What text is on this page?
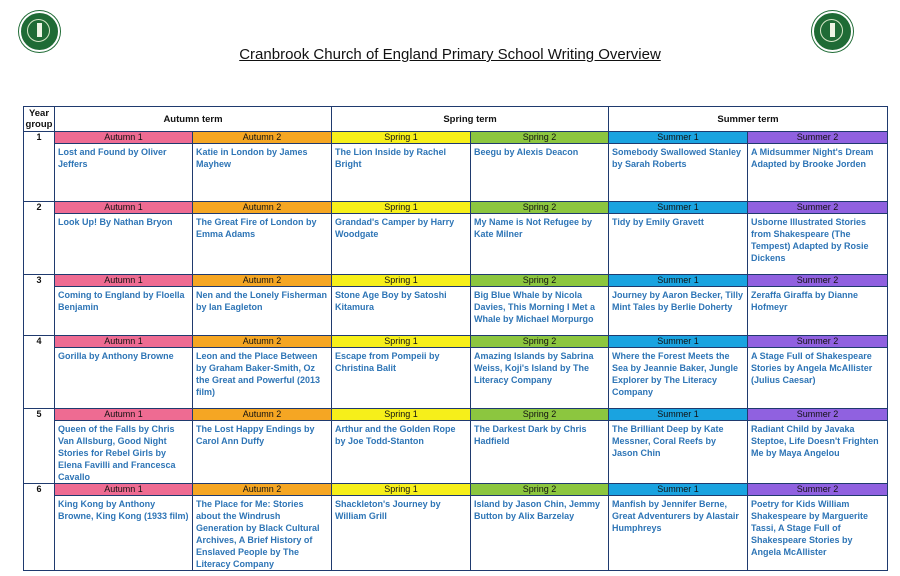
Cranbrook Church of England Primary School Writing Overview
Year group	Autumn term		Spring term		Summer term	
1	Autumn 1	Autumn 2	Spring 1	Spring 2	Summer 1	Summer 2
	Lost and Found by Oliver Jeffers	Katie in London by James Mayhew	The Lion Inside by Rachel Bright	Beegu by Alexis Deacon	Somebody Swallowed Stanley by Sarah Roberts	A Midsummer Night's Dream Adapted by Brooke Jorden
2	Autumn 1	Autumn 2	Spring 1	Spring 2	Summer 1	Summer 2
	Look Up! By Nathan Bryon	The Great Fire of London by Emma Adams	Grandad's Camper by Harry Woodgate	My Name is Not Refugee by Kate Milner	Tidy by Emily Gravett	Usborne Illustrated Stories from Shakespeare (The Tempest) Adapted by Rosie Dickens
3	Autumn 1	Autumn 2	Spring 1	Spring 2	Summer 1	Summer 2
	Coming to England by Floella Benjamin	Nen and the Lonely Fisherman by Ian Eagleton	Stone Age Boy by Satoshi Kitamura	Big Blue Whale by Nicola Davies, This Morning I Met a Whale by Michael Morpurgo	Journey by Aaron Becker, Tilly Mint Tales by Berlie Doherty	Zeraffa Giraffa by Dianne Hofmeyr
4	Autumn 1	Autumn 2	Spring 1	Spring 2	Summer 1	Summer 2
	Gorilla by Anthony Browne	Leon and the Place Between by Graham Baker-Smith, Oz the Great and Powerful (2013 film)	Escape from Pompeii by Christina Balit	Amazing Islands by Sabrina Weiss, Koji's Island by The Literacy Company	Where the Forest Meets the Sea by Jeannie Baker, Jungle Explorer by The Literacy Company	A Stage Full of Shakespeare Stories by Angela McAllister (Julius Caesar)
5	Autumn 1	Autumn 2	Spring 1	Spring 2	Summer 1	Summer 2
	Queen of the Falls by Chris Van Allsburg, Good Night Stories for Rebel Girls by Elena Favilli and Francesca Cavallo	The Lost Happy Endings by Carol Ann Duffy	Arthur and the Golden Rope by Joe Todd-Stanton	The Darkest Dark by Chris Hadfield	The Brilliant Deep by Kate Messner, Coral Reefs by Jason Chin	Radiant Child by Javaka Steptoe, Life Doesn't Frighten Me by Maya Angelou
6	Autumn 1	Autumn 2	Spring 1	Spring 2	Summer 1	Summer 2
	King Kong by Anthony Browne, King Kong (1933 film)	The Place for Me: Stories about the Windrush Generation by Black Cultural Archives, A Brief History of Enslaved People by The Literacy Company	Shackleton's Journey by William Grill	Island by Jason Chin, Jemmy Button by Alix Barzelay	Manfish by Jennifer Berne, Great Adventurers by Alastair Humphreys	Poetry for Kids William Shakespeare by Marguerite Tassi, A Stage Full of Shakespeare Stories by Angela McAllister
